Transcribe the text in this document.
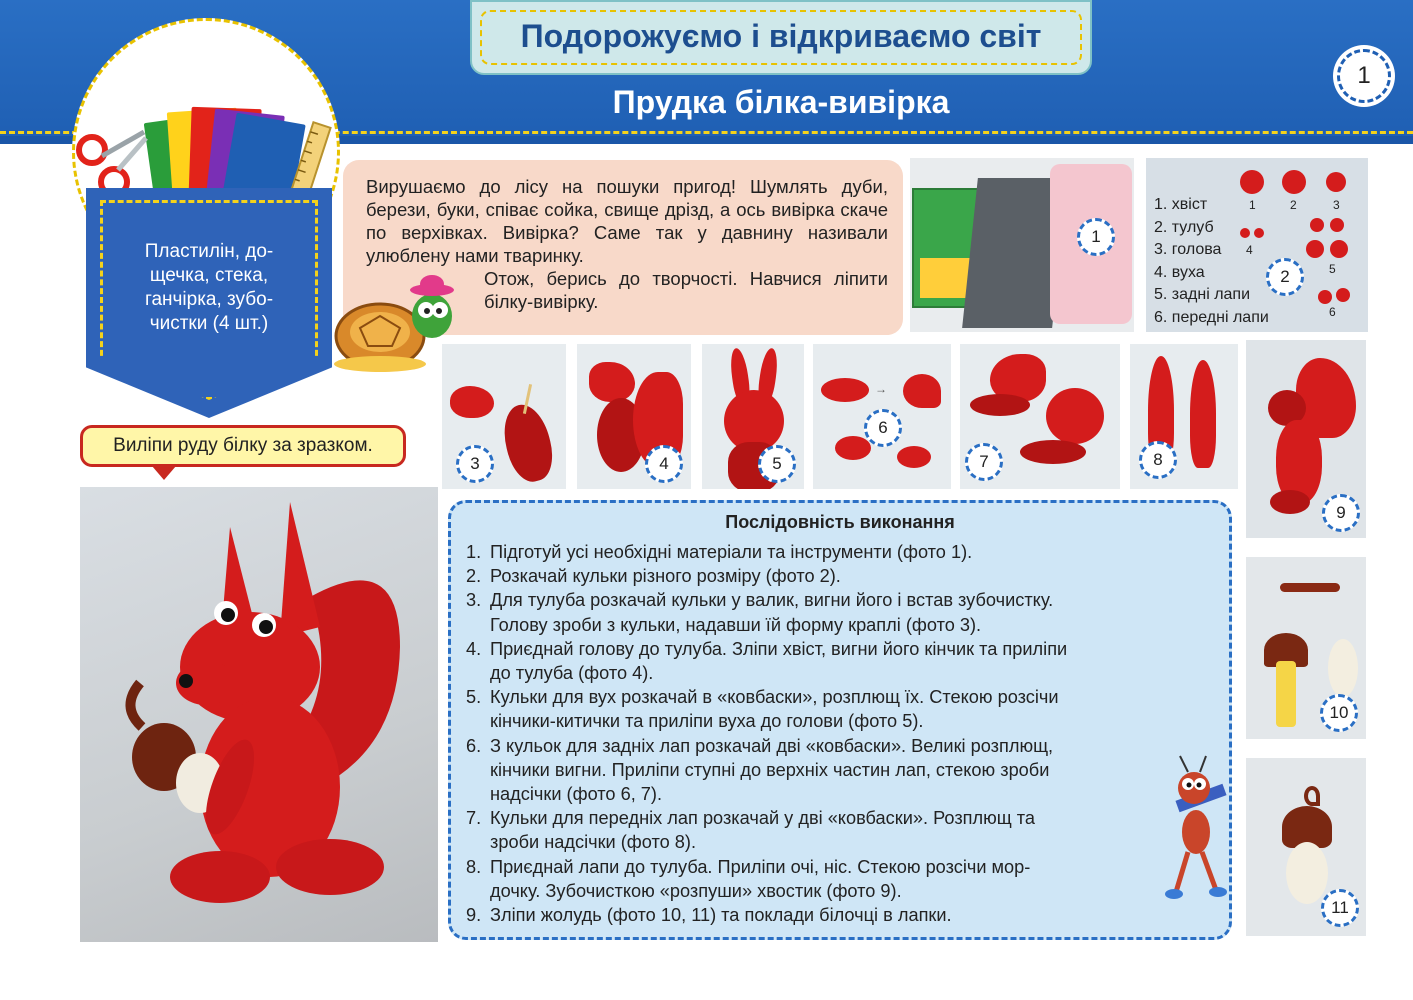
Подорожуємо і відкриваємо світ
Прудка білка-вивірка
1
Пластилін, до-
щечка, стека,
ганчірка, зубо-
чистки (4 шт.)

Вирушаємо до лісу на пошуки пригод! Шумлять дуби, берези, буки, співає сойка, свище дрізд, а ось вивірка скаче по верхівках. Вивірка? Саме так у давнину називали улюблену нами тваринку.

Отож, берись до творчості. Навчися ліпити білку-вивірку.

1
1. хвіст
2. тулуб
3. голова
4. вуха
5. задні лапи
6. передні лапи
1	2	3
4
5
6
2
3	4	5
→
6
7	8
9
10
11
Виліпи руду білку за зразком.
Послідовність виконання
1. Підготуй усі необхідні матеріали та інструменти (фото 1).
2. Розкачай кульки різного розміру (фото 2).
3. Для тулуба розкачай кульки у валик, вигни його і встав зубочистку.
Голову зроби з кульки, надавши їй форму краплі (фото 3).
4. Приєднай голову до тулуба. Зліпи хвіст, вигни його кінчик та приліпи
до тулуба (фото 4).
5. Кульки для вух розкачай в «ковбаски», розплющ їх. Стекою розсічи
кінчики-китички та приліпи вуха до голови (фото 5).
6. З кульок для задніх лап розкачай дві «ковбаски». Великі розплющ,
кінчики вигни. Приліпи ступні до верхніх частин лап, стекою зроби
надсічки (фото 6, 7).
7. Кульки для передніх лап розкачай у дві «ковбаски». Розплющ та
зроби надсічки (фото 8).
8. Приєднай лапи до тулуба. Приліпи очі, ніс. Стекою розсічи мор-
дочку. Зубочисткою «розпуши» хвостик (фото 9).
9. Зліпи жолудь (фото 10, 11) та поклади білочці в лапки.
